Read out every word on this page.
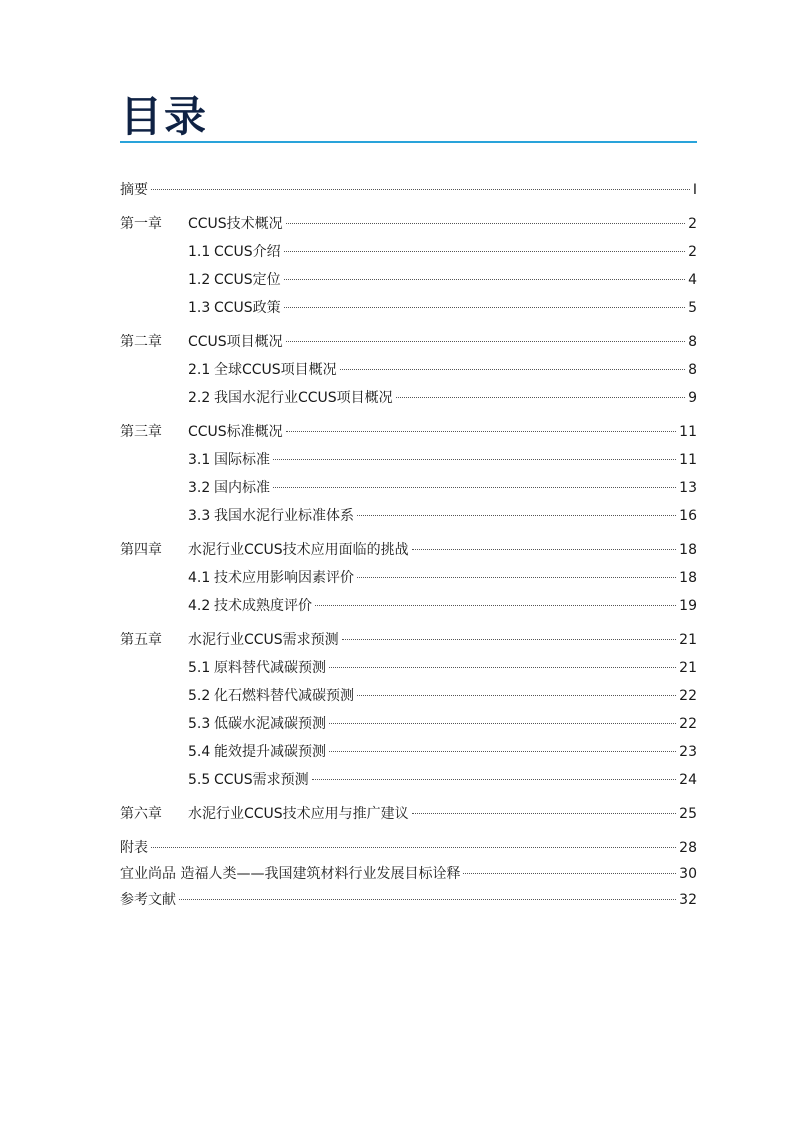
目录
摘要	I
第一章	CCUS技术概况	2
1.1 CCUS介绍	2
1.2 CCUS定位	4
1.3 CCUS政策	5
第二章	CCUS项目概况	8
2.1 全球CCUS项目概况	8
2.2 我国水泥行业CCUS项目概况	9
第三章	CCUS标准概况	11
3.1 国际标准	11
3.2 国内标准	13
3.3 我国水泥行业标准体系	16
第四章	水泥行业CCUS技术应用面临的挑战	18
4.1 技术应用影响因素评价	18
4.2 技术成熟度评价	19
第五章	水泥行业CCUS需求预测	21
5.1 原料替代减碳预测	21
5.2 化石燃料替代减碳预测	22
5.3 低碳水泥减碳预测	22
5.4 能效提升减碳预测	23
5.5 CCUS需求预测	24
第六章	水泥行业CCUS技术应用与推广建议	25
附表	28
宜业尚品 造福人类——我国建筑材料行业发展目标诠释	30
参考文献	32
